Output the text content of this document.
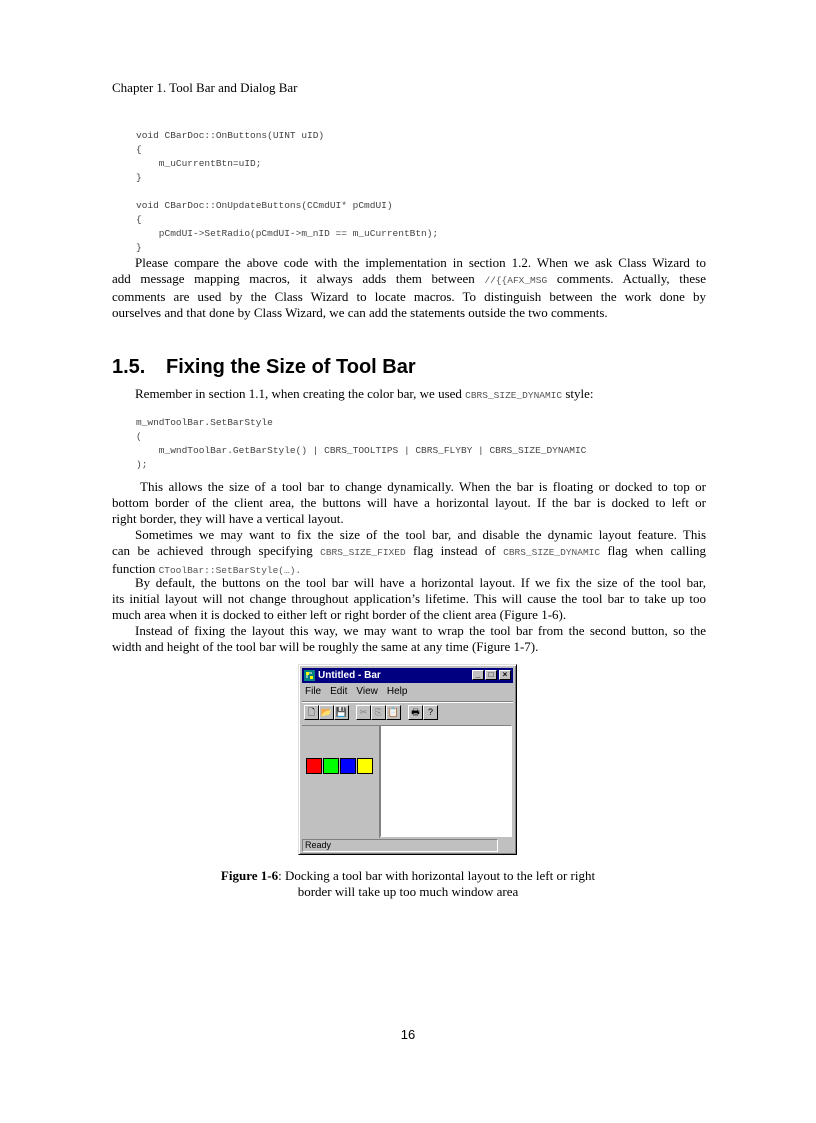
Chapter 1. Tool Bar and Dialog Bar
void CBarDoc::OnButtons(UINT uID)
{
m_uCurrentBtn=uID;
}

void CBarDoc::OnUpdateButtons(CCmdUI* pCmdUI)
{
pCmdUI->SetRadio(pCmdUI->m_nID == m_uCurrentBtn);
}
Please compare the above code with the implementation in section 1.2. When we ask Class Wizard to
add message mapping macros, it always adds them between //{{AFX_MSG comments. Actually, these
comments are used by the Class Wizard to locate macros. To distinguish between the work done by
ourselves and that done by Class Wizard, we can add the statements outside the two comments.
1.5. Fixing the Size of Tool Bar
Remember in section 1.1, when creating the color bar, we used CBRS_SIZE_DYNAMIC style:
m_wndToolBar.SetBarStyle
(
m_wndToolBar.GetBarStyle() | CBRS_TOOLTIPS | CBRS_FLYBY | CBRS_SIZE_DYNAMIC
);
This allows the size of a tool bar to change dynamically. When the bar is floating or docked to top or
bottom border of the client area, the buttons will have a horizontal layout. If the bar is docked to left or
right border, they will have a vertical layout.
Sometimes we may want to fix the size of the tool bar, and disable the dynamic layout feature. This
can be achieved through specifying CBRS_SIZE_FIXED flag instead of CBRS_SIZE_DYNAMIC flag when calling
function CToolBar::SetBarStyle(…).
By default, the buttons on the tool bar will have a horizontal layout. If we fix the size of the tool bar,
its initial layout will not change throughout application’s lifetime. This will cause the tool bar to take up too
much area when it is docked to either left or right border of the client area (Figure 1-6).
Instead of fixing the layout this way, we may want to wrap the tool bar from the second button, so the
width and height of the tool bar will be roughly the same at any time (Figure 1-7).
Untitled - Bar	_	□	×
File Edit View Help
🗋 📂 💾	✂ ⎘ 📋	🖶 ?
Ready
Figure 1-6: Docking a tool bar with horizontal layout to the left or right border will take up too much window area
16
